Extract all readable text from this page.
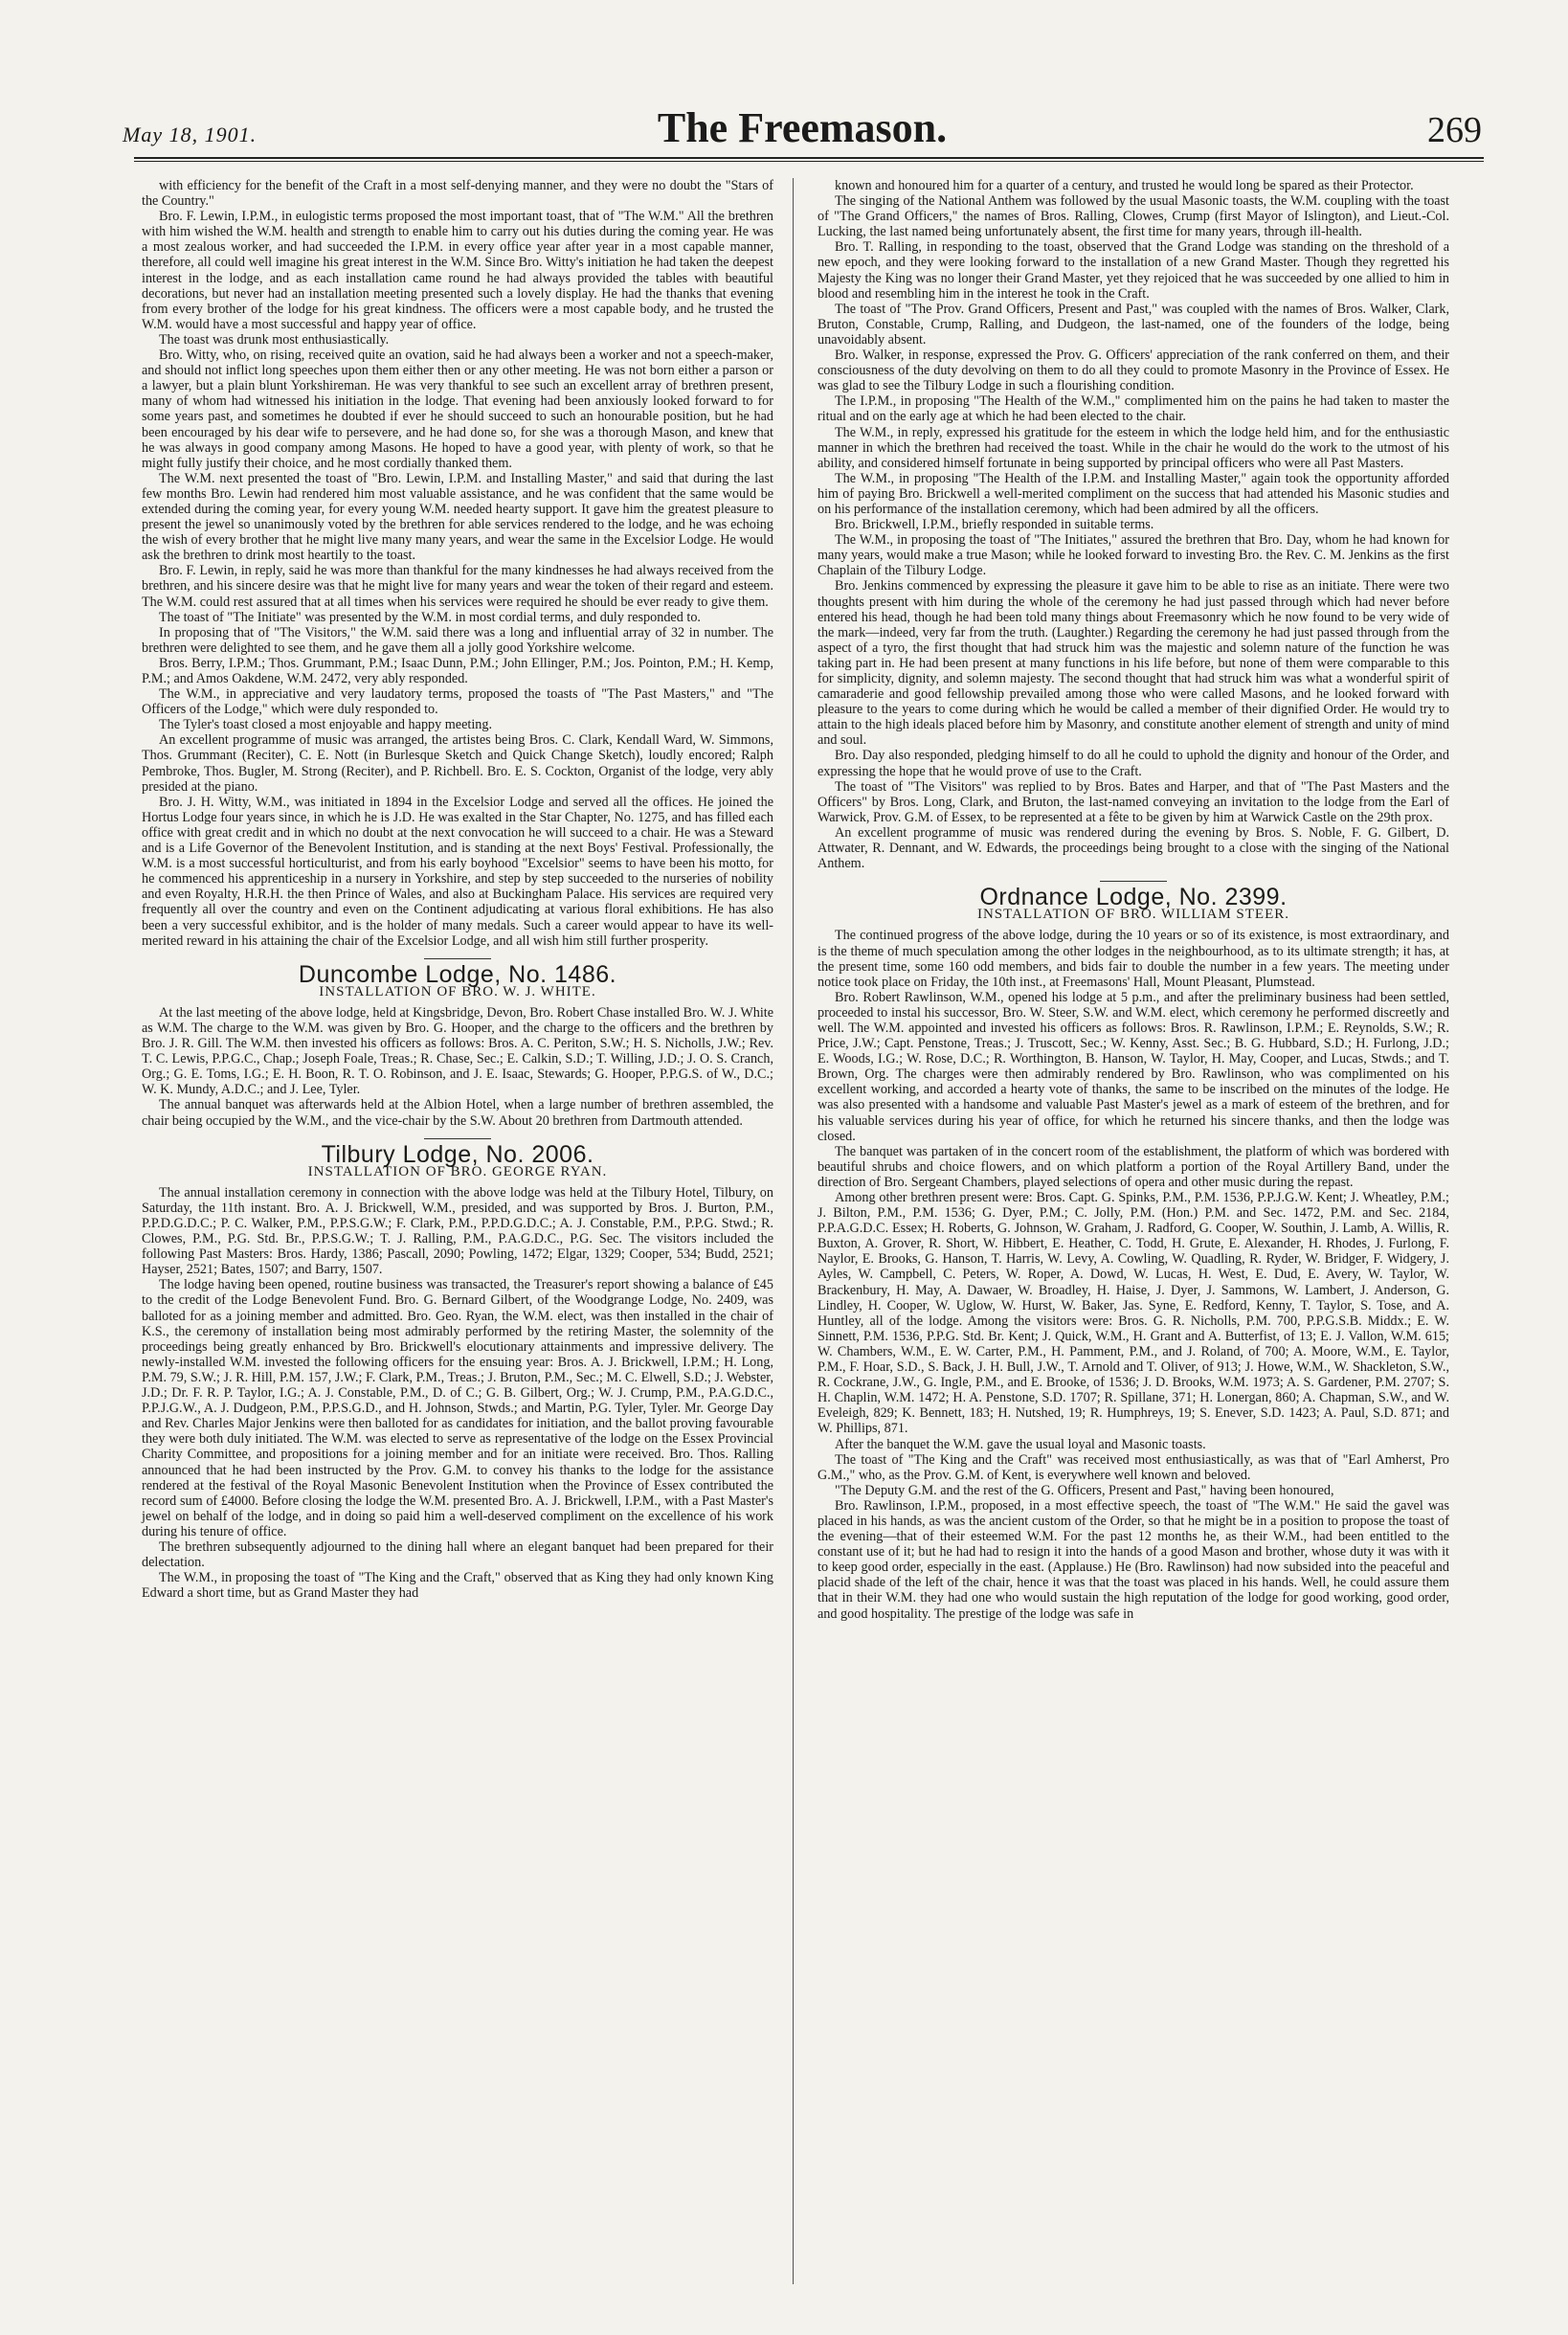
May 18, 1901.	The Freemason.	269

with efficiency for the benefit of the Craft in a most self-denying manner, and they were no doubt the "Stars of the Country."

Bro. F. Lewin, I.P.M., in eulogistic terms proposed the most important toast, that of "The W.M." All the brethren with him wished the W.M. health and strength to enable him to carry out his duties during the coming year. He was a most zealous worker, and had succeeded the I.P.M. in every office year after year in a most capable manner, therefore, all could well imagine his great interest in the W.M. Since Bro. Witty's initiation he had taken the deepest interest in the lodge, and as each installation came round he had always provided the tables with beautiful decorations, but never had an installation meeting presented such a lovely display. He had the thanks that evening from every brother of the lodge for his great kindness. The officers were a most capable body, and he trusted the W.M. would have a most successful and happy year of office.

The toast was drunk most enthusiastically.

Bro. Witty, who, on rising, received quite an ovation, said he had always been a worker and not a speech-maker, and should not inflict long speeches upon them either then or any other meeting. He was not born either a parson or a lawyer, but a plain blunt Yorkshireman. He was very thankful to see such an excellent array of brethren present, many of whom had witnessed his initiation in the lodge. That evening had been anxiously looked forward to for some years past, and sometimes he doubted if ever he should succeed to such an honourable position, but he had been encouraged by his dear wife to persevere, and he had done so, for she was a thorough Mason, and knew that he was always in good company among Masons. He hoped to have a good year, with plenty of work, so that he might fully justify their choice, and he most cordially thanked them.

The W.M. next presented the toast of "Bro. Lewin, I.P.M. and Installing Master," and said that during the last few months Bro. Lewin had rendered him most valuable assistance, and he was confident that the same would be extended during the coming year, for every young W.M. needed hearty support. It gave him the greatest pleasure to present the jewel so unanimously voted by the brethren for able services rendered to the lodge, and he was echoing the wish of every brother that he might live many many years, and wear the same in the Excelsior Lodge. He would ask the brethren to drink most heartily to the toast.

Bro. F. Lewin, in reply, said he was more than thankful for the many kindnesses he had always received from the brethren, and his sincere desire was that he might live for many years and wear the token of their regard and esteem. The W.M. could rest assured that at all times when his services were required he should be ever ready to give them.

The toast of "The Initiate" was presented by the W.M. in most cordial terms, and duly responded to.

In proposing that of "The Visitors," the W.M. said there was a long and influential array of 32 in number. The brethren were delighted to see them, and he gave them all a jolly good Yorkshire welcome.

Bros. Berry, I.P.M.; Thos. Grummant, P.M.; Isaac Dunn, P.M.; John Ellinger, P.M.; Jos. Pointon, P.M.; H. Kemp, P.M.; and Amos Oakdene, W.M. 2472, very ably responded.

The W.M., in appreciative and very laudatory terms, proposed the toasts of "The Past Masters," and "The Officers of the Lodge," which were duly responded to.

The Tyler's toast closed a most enjoyable and happy meeting.

An excellent programme of music was arranged, the artistes being Bros. C. Clark, Kendall Ward, W. Simmons, Thos. Grummant (Reciter), C. E. Nott (in Burlesque Sketch and Quick Change Sketch), loudly encored; Ralph Pembroke, Thos. Bugler, M. Strong (Reciter), and P. Richbell. Bro. E. S. Cockton, Organist of the lodge, very ably presided at the piano.

Bro. J. H. Witty, W.M., was initiated in 1894 in the Excelsior Lodge and served all the offices. He joined the Hortus Lodge four years since, in which he is J.D. He was exalted in the Star Chapter, No. 1275, and has filled each office with great credit and in which no doubt at the next convocation he will succeed to a chair. He was a Steward and is a Life Governor of the Benevolent Institution, and is standing at the next Boys' Festival. Professionally, the W.M. is a most successful horticulturist, and from his early boyhood "Excelsior" seems to have been his motto, for he commenced his apprenticeship in a nursery in Yorkshire, and step by step succeeded to the nurseries of nobility and even Royalty, H.R.H. the then Prince of Wales, and also at Buckingham Palace. His services are required very frequently all over the country and even on the Continent adjudicating at various floral exhibitions. He has also been a very successful exhibitor, and is the holder of many medals. Such a career would appear to have its well-merited reward in his attaining the chair of the Excelsior Lodge, and all wish him still further prosperity.

Duncombe Lodge, No. 1486.
INSTALLATION OF BRO. W. J. WHITE.

At the last meeting of the above lodge, held at Kingsbridge, Devon, Bro. Robert Chase installed Bro. W. J. White as W.M. The charge to the W.M. was given by Bro. G. Hooper, and the charge to the officers and the brethren by Bro. J. R. Gill. The W.M. then invested his officers as follows: Bros. A. C. Periton, S.W.; H. S. Nicholls, J.W.; Rev. T. C. Lewis, P.P.G.C., Chap.; Joseph Foale, Treas.; R. Chase, Sec.; E. Calkin, S.D.; T. Willing, J.D.; J. O. S. Cranch, Org.; G. E. Toms, I.G.; E. H. Boon, R. T. O. Robinson, and J. E. Isaac, Stewards; G. Hooper, P.P.G.S. of W., D.C.; W. K. Mundy, A.D.C.; and J. Lee, Tyler.

The annual banquet was afterwards held at the Albion Hotel, when a large number of brethren assembled, the chair being occupied by the W.M., and the vice-chair by the S.W. About 20 brethren from Dartmouth attended.

Tilbury Lodge, No. 2006.
INSTALLATION OF BRO. GEORGE RYAN.

The annual installation ceremony in connection with the above lodge was held at the Tilbury Hotel, Tilbury, on Saturday, the 11th instant. Bro. A. J. Brickwell, W.M., presided, and was supported by Bros. J. Burton, P.M., P.P.D.G.D.C.; P. C. Walker, P.M., P.P.S.G.W.; F. Clark, P.M., P.P.D.G.D.C.; A. J. Constable, P.M., P.P.G. Stwd.; R. Clowes, P.M., P.G. Std. Br., P.P.S.G.W.; T. J. Ralling, P.M., P.A.G.D.C., P.G. Sec. The visitors included the following Past Masters: Bros. Hardy, 1386; Pascall, 2090; Powling, 1472; Elgar, 1329; Cooper, 534; Budd, 2521; Hayser, 2521; Bates, 1507; and Barry, 1507.

The lodge having been opened, routine business was transacted, the Treasurer's report showing a balance of £45 to the credit of the Lodge Benevolent Fund. Bro. G. Bernard Gilbert, of the Woodgrange Lodge, No. 2409, was balloted for as a joining member and admitted. Bro. Geo. Ryan, the W.M. elect, was then installed in the chair of K.S., the ceremony of installation being most admirably performed by the retiring Master, the solemnity of the proceedings being greatly enhanced by Bro. Brickwell's elocutionary attainments and impressive delivery. The newly-installed W.M. invested the following officers for the ensuing year: Bros. A. J. Brickwell, I.P.M.; H. Long, P.M. 79, S.W.; J. R. Hill, P.M. 157, J.W.; F. Clark, P.M., Treas.; J. Bruton, P.M., Sec.; M. C. Elwell, S.D.; J. Webster, J.D.; Dr. F. R. P. Taylor, I.G.; A. J. Constable, P.M., D. of C.; G. B. Gilbert, Org.; W. J. Crump, P.M., P.A.G.D.C., P.P.J.G.W., A. J. Dudgeon, P.M., P.P.S.G.D., and H. Johnson, Stwds.; and Martin, P.G. Tyler, Tyler. Mr. George Day and Rev. Charles Major Jenkins were then balloted for as candidates for initiation, and the ballot proving favourable they were both duly initiated. The W.M. was elected to serve as representative of the lodge on the Essex Provincial Charity Committee, and propositions for a joining member and for an initiate were received. Bro. Thos. Ralling announced that he had been instructed by the Prov. G.M. to convey his thanks to the lodge for the assistance rendered at the festival of the Royal Masonic Benevolent Institution when the Province of Essex contributed the record sum of £4000. Before closing the lodge the W.M. presented Bro. A. J. Brickwell, I.P.M., with a Past Master's jewel on behalf of the lodge, and in doing so paid him a well-deserved compliment on the excellence of his work during his tenure of office.

The brethren subsequently adjourned to the dining hall where an elegant banquet had been prepared for their delectation.

The W.M., in proposing the toast of "The King and the Craft," observed that as King they had only known King Edward a short time, but as Grand Master they had

known and honoured him for a quarter of a century, and trusted he would long be spared as their Protector.

The singing of the National Anthem was followed by the usual Masonic toasts, the W.M. coupling with the toast of "The Grand Officers," the names of Bros. Ralling, Clowes, Crump (first Mayor of Islington), and Lieut.-Col. Lucking, the last named being unfortunately absent, the first time for many years, through ill-health.

Bro. T. Ralling, in responding to the toast, observed that the Grand Lodge was standing on the threshold of a new epoch, and they were looking forward to the installation of a new Grand Master. Though they regretted his Majesty the King was no longer their Grand Master, yet they rejoiced that he was succeeded by one allied to him in blood and resembling him in the interest he took in the Craft.

The toast of "The Prov. Grand Officers, Present and Past," was coupled with the names of Bros. Walker, Clark, Bruton, Constable, Crump, Ralling, and Dudgeon, the last-named, one of the founders of the lodge, being unavoidably absent.

Bro. Walker, in response, expressed the Prov. G. Officers' appreciation of the rank conferred on them, and their consciousness of the duty devolving on them to do all they could to promote Masonry in the Province of Essex. He was glad to see the Tilbury Lodge in such a flourishing condition.

The I.P.M., in proposing "The Health of the W.M.," complimented him on the pains he had taken to master the ritual and on the early age at which he had been elected to the chair.

The W.M., in reply, expressed his gratitude for the esteem in which the lodge held him, and for the enthusiastic manner in which the brethren had received the toast. While in the chair he would do the work to the utmost of his ability, and considered himself fortunate in being supported by principal officers who were all Past Masters.

The W.M., in proposing "The Health of the I.P.M. and Installing Master," again took the opportunity afforded him of paying Bro. Brickwell a well-merited compliment on the success that had attended his Masonic studies and on his performance of the installation ceremony, which had been admired by all the officers.

Bro. Brickwell, I.P.M., briefly responded in suitable terms.

The W.M., in proposing the toast of "The Initiates," assured the brethren that Bro. Day, whom he had known for many years, would make a true Mason; while he looked forward to investing Bro. the Rev. C. M. Jenkins as the first Chaplain of the Tilbury Lodge.

Bro. Jenkins commenced by expressing the pleasure it gave him to be able to rise as an initiate. There were two thoughts present with him during the whole of the ceremony he had just passed through which had never before entered his head, though he had been told many things about Freemasonry which he now found to be very wide of the mark—indeed, very far from the truth. (Laughter.) Regarding the ceremony he had just passed through from the aspect of a tyro, the first thought that had struck him was the majestic and solemn nature of the function he was taking part in. He had been present at many functions in his life before, but none of them were comparable to this for simplicity, dignity, and solemn majesty. The second thought that had struck him was what a wonderful spirit of camaraderie and good fellowship prevailed among those who were called Masons, and he looked forward with pleasure to the years to come during which he would be called a member of their dignified Order. He would try to attain to the high ideals placed before him by Masonry, and constitute another element of strength and unity of mind and soul.

Bro. Day also responded, pledging himself to do all he could to uphold the dignity and honour of the Order, and expressing the hope that he would prove of use to the Craft.

The toast of "The Visitors" was replied to by Bros. Bates and Harper, and that of "The Past Masters and the Officers" by Bros. Long, Clark, and Bruton, the last-named conveying an invitation to the lodge from the Earl of Warwick, Prov. G.M. of Essex, to be represented at a fête to be given by him at Warwick Castle on the 29th prox.

An excellent programme of music was rendered during the evening by Bros. S. Noble, F. G. Gilbert, D. Attwater, R. Dennant, and W. Edwards, the proceedings being brought to a close with the singing of the National Anthem.

Ordnance Lodge, No. 2399.
INSTALLATION OF BRO. WILLIAM STEER.

The continued progress of the above lodge, during the 10 years or so of its existence, is most extraordinary, and is the theme of much speculation among the other lodges in the neighbourhood, as to its ultimate strength; it has, at the present time, some 160 odd members, and bids fair to double the number in a few years. The meeting under notice took place on Friday, the 10th inst., at Freemasons' Hall, Mount Pleasant, Plumstead.

Bro. Robert Rawlinson, W.M., opened his lodge at 5 p.m., and after the preliminary business had been settled, proceeded to instal his successor, Bro. W. Steer, S.W. and W.M. elect, which ceremony he performed discreetly and well. The W.M. appointed and invested his officers as follows: Bros. R. Rawlinson, I.P.M.; E. Reynolds, S.W.; R. Price, J.W.; Capt. Penstone, Treas.; J. Truscott, Sec.; W. Kenny, Asst. Sec.; B. G. Hubbard, S.D.; H. Furlong, J.D.; E. Woods, I.G.; W. Rose, D.C.; R. Worthington, B. Hanson, W. Taylor, H. May, Cooper, and Lucas, Stwds.; and T. Brown, Org. The charges were then admirably rendered by Bro. Rawlinson, who was complimented on his excellent working, and accorded a hearty vote of thanks, the same to be inscribed on the minutes of the lodge. He was also presented with a handsome and valuable Past Master's jewel as a mark of esteem of the brethren, and for his valuable services during his year of office, for which he returned his sincere thanks, and then the lodge was closed.

The banquet was partaken of in the concert room of the establishment, the platform of which was bordered with beautiful shrubs and choice flowers, and on which platform a portion of the Royal Artillery Band, under the direction of Bro. Sergeant Chambers, played selections of opera and other music during the repast.

Among other brethren present were: Bros. Capt. G. Spinks, P.M., P.M. 1536, P.P.J.G.W. Kent; J. Wheatley, P.M.; J. Bilton, P.M., P.M. 1536; G. Dyer, P.M.; C. Jolly, P.M. (Hon.) P.M. and Sec. 1472, P.M. and Sec. 2184, P.P.A.G.D.C. Essex; H. Roberts, G. Johnson, W. Graham, J. Radford, G. Cooper, W. Southin, J. Lamb, A. Willis, R. Buxton, A. Grover, R. Short, W. Hibbert, E. Heather, C. Todd, H. Grute, E. Alexander, H. Rhodes, J. Furlong, F. Naylor, E. Brooks, G. Hanson, T. Harris, W. Levy, A. Cowling, W. Quadling, R. Ryder, W. Bridger, F. Widgery, J. Ayles, W. Campbell, C. Peters, W. Roper, A. Dowd, W. Lucas, H. West, E. Dud, E. Avery, W. Taylor, W. Brackenbury, H. May, A. Dawaer, W. Broadley, H. Haise, J. Dyer, J. Sammons, W. Lambert, J. Anderson, G. Lindley, H. Cooper, W. Uglow, W. Hurst, W. Baker, Jas. Syne, E. Redford, Kenny, T. Taylor, S. Tose, and A. Huntley, all of the lodge. Among the visitors were: Bros. G. R. Nicholls, P.M. 700, P.P.G.S.B. Middx.; E. W. Sinnett, P.M. 1536, P.P.G. Std. Br. Kent; J. Quick, W.M., H. Grant and A. Butterfist, of 13; E. J. Vallon, W.M. 615; W. Chambers, W.M., E. W. Carter, P.M., H. Pamment, P.M., and J. Roland, of 700; A. Moore, W.M., E. Taylor, P.M., F. Hoar, S.D., S. Back, J. H. Bull, J.W., T. Arnold and T. Oliver, of 913; J. Howe, W.M., W. Shackleton, S.W., R. Cockrane, J.W., G. Ingle, P.M., and E. Brooke, of 1536; J. D. Brooks, W.M. 1973; A. S. Gardener, P.M. 2707; S. H. Chaplin, W.M. 1472; H. A. Penstone, S.D. 1707; R. Spillane, 371; H. Lonergan, 860; A. Chapman, S.W., and W. Eveleigh, 829; K. Bennett, 183; H. Nutshed, 19; R. Humphreys, 19; S. Enever, S.D. 1423; A. Paul, S.D. 871; and W. Phillips, 871.

After the banquet the W.M. gave the usual loyal and Masonic toasts.

The toast of "The King and the Craft" was received most enthusiastically, as was that of "Earl Amherst, Pro G.M.," who, as the Prov. G.M. of Kent, is everywhere well known and beloved.

"The Deputy G.M. and the rest of the G. Officers, Present and Past," having been honoured,

Bro. Rawlinson, I.P.M., proposed, in a most effective speech, the toast of "The W.M." He said the gavel was placed in his hands, as was the ancient custom of the Order, so that he might be in a position to propose the toast of the evening—that of their esteemed W.M. For the past 12 months he, as their W.M., had been entitled to the constant use of it; but he had had to resign it into the hands of a good Mason and brother, whose duty it was with it to keep good order, especially in the east. (Applause.) He (Bro. Rawlinson) had now subsided into the peaceful and placid shade of the left of the chair, hence it was that the toast was placed in his hands. Well, he could assure them that in their W.M. they had one who would sustain the high reputation of the lodge for good working, good order, and good hospitality. The prestige of the lodge was safe in
